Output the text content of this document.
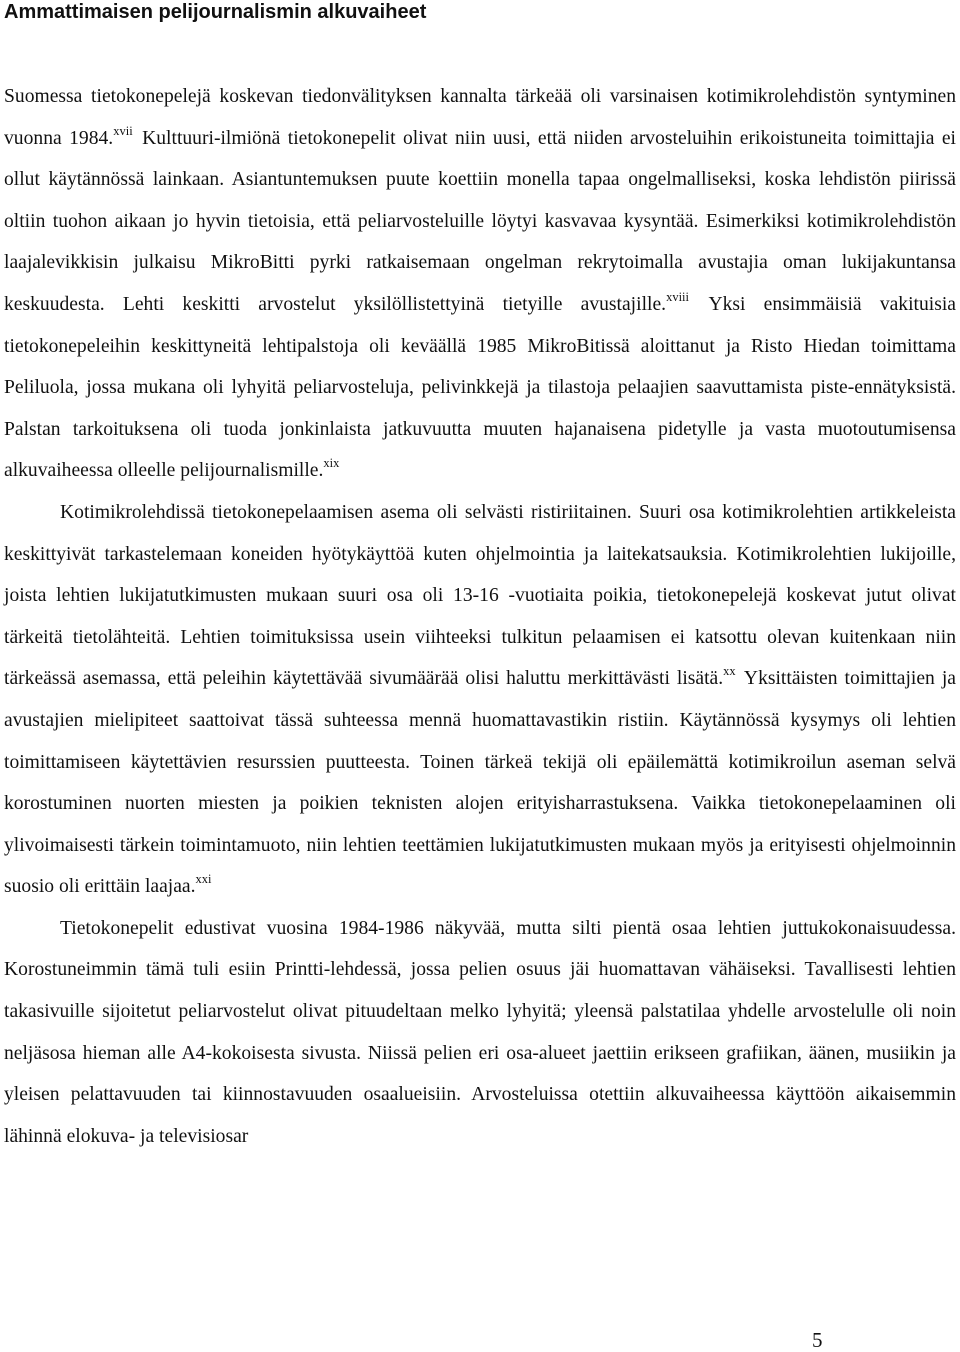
Ammattimaisen pelijournalismin alkuvaiheet

Suomessa tietokonepelejä koskevan tiedonvälityksen kannalta tärkeää oli varsinaisen kotimikrolehdistön syntyminen vuonna 1984.$^{xvii}$ Kulttuuri-ilmiönä tietokonepelit olivat niin uusi, että niiden arvosteluihin erikoistuneita toimittajia ei ollut käytännössä lainkaan. Asiantuntemuksen puute koettiin monella tapaa ongelmalliseksi, koska lehdistön piirissä oltiin tuohon aikaan jo hyvin tietoisia, että peliarvosteluille löytyi kasvavaa kysyntää. Esimerkiksi kotimikrolehdistön laajalevikkisin julkaisu MikroBitti pyrki ratkaisemaan ongelman rekrytoimalla avustajia oman lukijakuntansa keskuudesta. Lehti keskitti arvostelut yksilöllistettyinä tietyille avustajille.$^{xviii}$ Yksi ensimmäisiä vakituisia tietokonepeleihin keskittyneitä lehtipalstoja oli keväällä 1985 MikroBitissä aloittanut ja Risto Hiedan toimittama Peliluola, jossa mukana oli lyhyitä peliarvosteluja, pelivinkkejä ja tilastoja pelaajien saavuttamista piste-ennätyksistä. Palstan tarkoituksena oli tuoda jonkinlaista jatkuvuutta muuten hajanaisena pidetylle ja vasta muotoutumisensa alkuvaiheessa olleelle pelijournalismille.$^{xix}$

Kotimikrolehdissä tietokonepelaamisen asema oli selvästi ristiriitainen. Suuri osa kotimikrolehtien artikkeleista keskittyivät tarkastelemaan koneiden hyötykäyttöä kuten ohjelmointia ja laitekatsauksia. Kotimikrolehtien lukijoille, joista lehtien lukijatutkimusten mukaan suuri osa oli 13-16 -vuotiaita poikia, tietokonepelejä koskevat jutut olivat tärkeitä tietolähteitä. Lehtien toimituksissa usein viihteeksi tulkitun pelaamisen ei katsottu olevan kuitenkaan niin tärkeässä asemassa, että peleihin käytettävää sivumäärää olisi haluttu merkittävästi lisätä.$^{xx}$ Yksittäisten toimittajien ja avustajien mielipiteet saattoivat tässä suhteessa mennä huomattavastikin ristiin. Käytännössä kysymys oli lehtien toimittamiseen käytettävien resurssien puutteesta. Toinen tärkeä tekijä oli epäilemättä kotimikroilun aseman selvä korostuminen nuorten miesten ja poikien teknisten alojen erityisharrastuksena. Vaikka tietokonepelaaminen oli ylivoimaisesti tärkein toimintamuoto, niin lehtien teettämien lukijatutkimusten mukaan myös ja erityisesti ohjelmoinnin suosio oli erittäin laajaa.$^{xxi}$

Tietokonepelit edustivat vuosina 1984-1986 näkyvää, mutta silti pientä osaa lehtien juttukokonaisuudessa. Korostuneimmin tämä tuli esiin Printti-lehdessä, jossa pelien osuus jäi huomattavan vähäiseksi. Tavallisesti lehtien takasivuille sijoitetut peliarvostelut olivat pituudeltaan melko lyhyitä; yleensä palstatilaa yhdelle arvostelulle oli noin neljäsosa hieman alle A4-kokoisesta sivusta. Niissä pelien eri osa-alueet jaettiin erikseen grafiikan, äänen, musiikin ja yleisen pelattavuuden tai kiinnostavuuden osaalueisiin. Arvosteluissa otettiin alkuvaiheessa käyttöön aikaisemmin lähinnä elokuva- ja televisiosar

5
